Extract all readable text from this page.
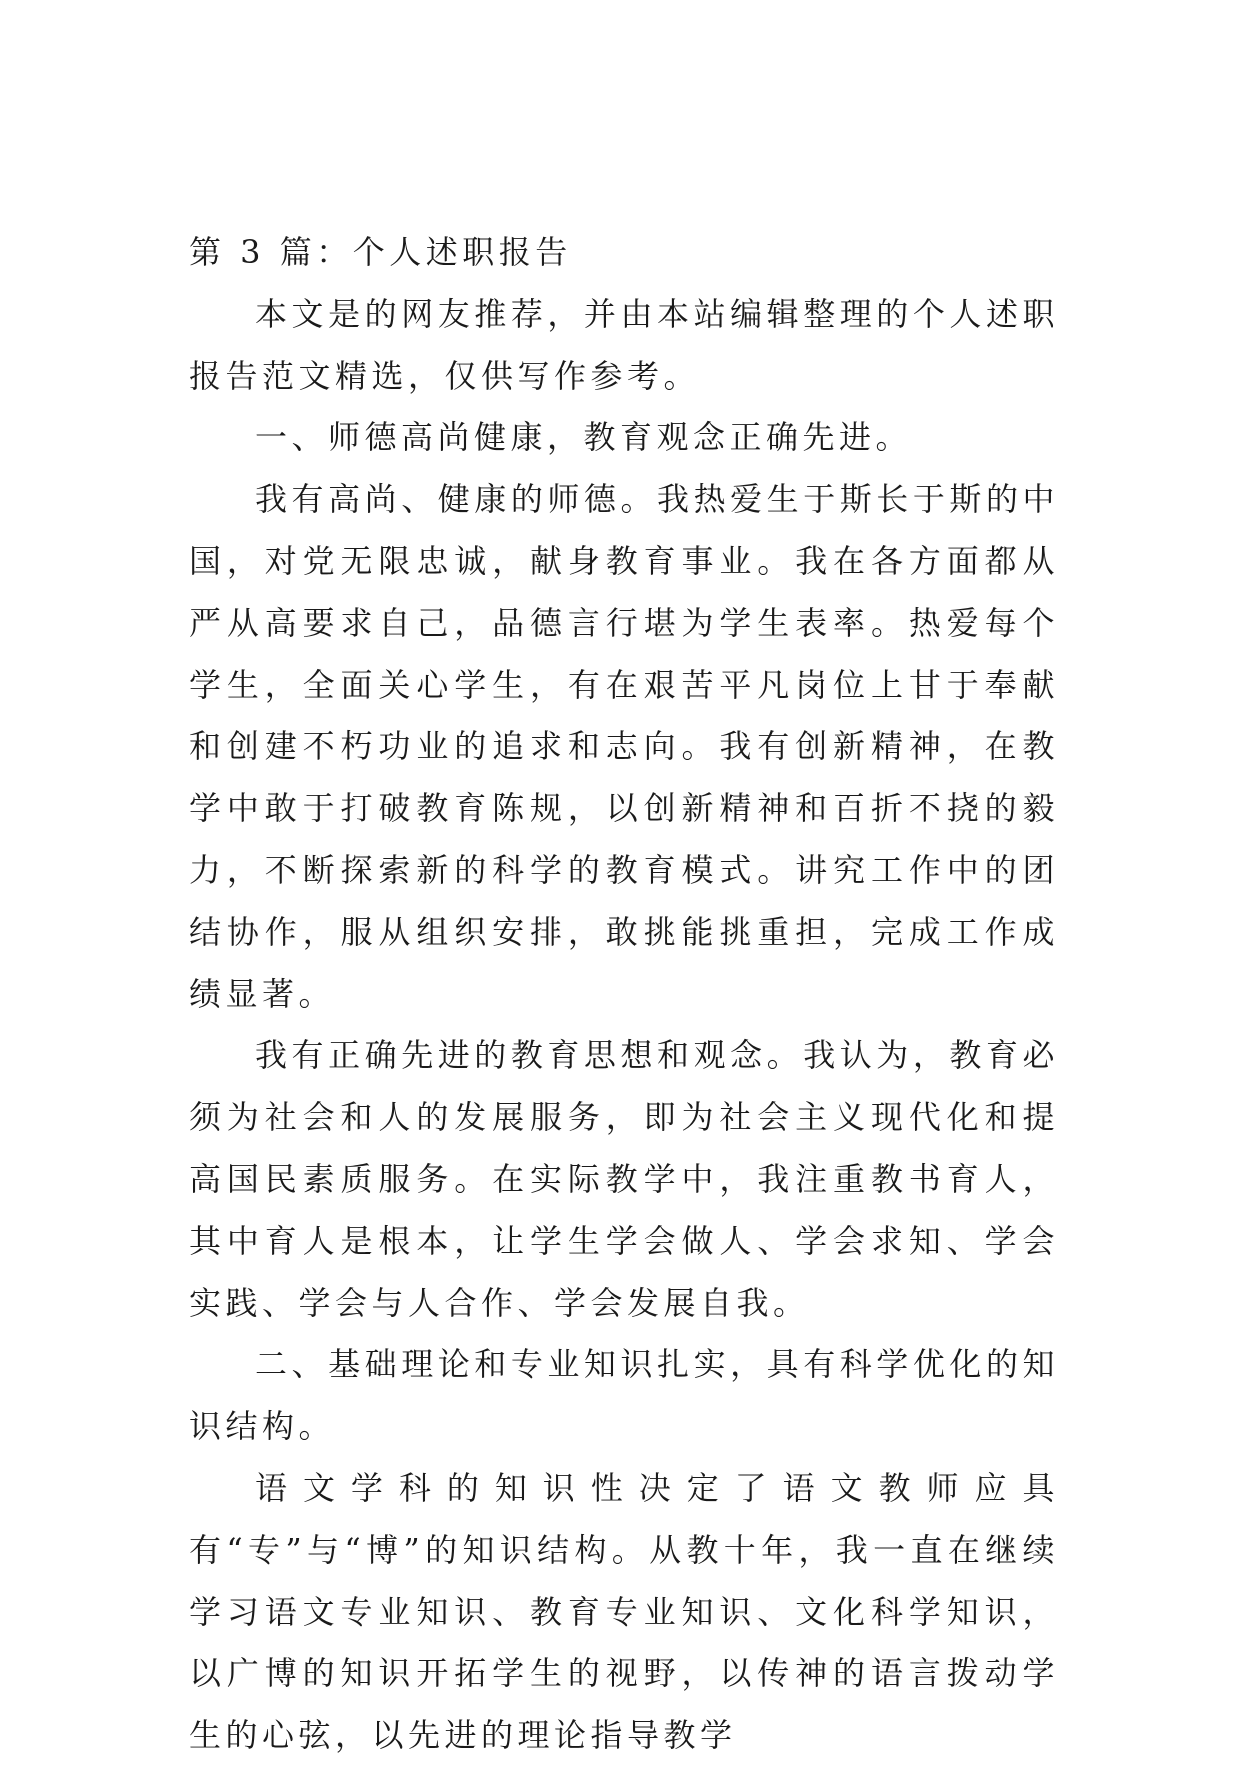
第 3 篇：个人述职报告

本文是的网友推荐，并由本站编辑整理的个人述职报告范文精选，仅供写作参考。

一、师德高尚健康，教育观念正确先进。

我有高尚、健康的师德。我热爱生于斯长于斯的中国，对党无限忠诚，献身教育事业。我在各方面都从严从高要求自己，品德言行堪为学生表率。热爱每个学生，全面关心学生，有在艰苦平凡岗位上甘于奉献和创建不朽功业的追求和志向。我有创新精神，在教学中敢于打破教育陈规，以创新精神和百折不挠的毅力，不断探索新的科学的教育模式。讲究工作中的团结协作，服从组织安排，敢挑能挑重担，完成工作成绩显著。

我有正确先进的教育思想和观念。我认为，教育必须为社会和人的发展服务，即为社会主义现代化和提高国民素质服务。在实际教学中，我注重教书育人，其中育人是根本，让学生学会做人、学会求知、学会实践、学会与人合作、学会发展自我。

二、基础理论和专业知识扎实，具有科学优化的知识结构。

语文学科的知识性决定了语文教师应具有“专”与“博”的知识结构。从教十年，我一直在继续学习语文专业知识、教育专业知识、文化科学知识，以广博的知识开拓学生的视野，以传神的语言拨动学生的心弦，以先进的理论指导教学
